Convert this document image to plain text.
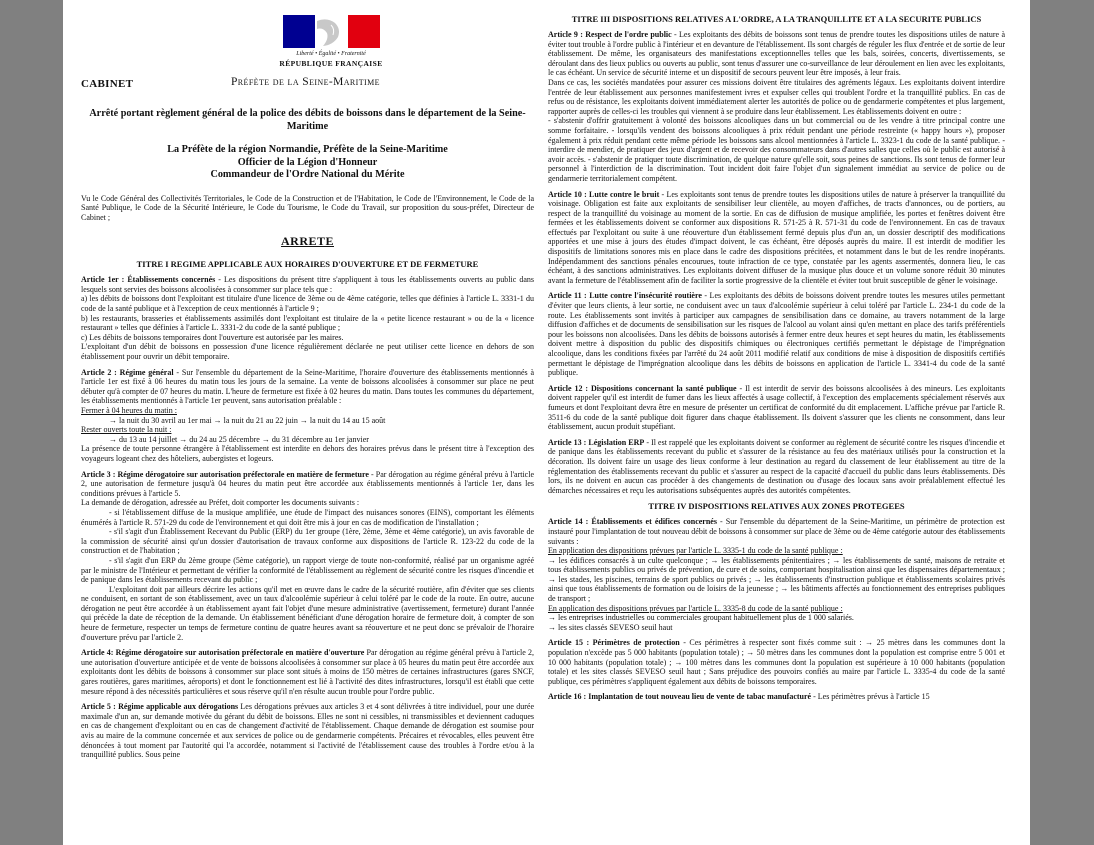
Liberté • Égalité • Fraternité
RÉPUBLIQUE FRANÇAISE
CABINET	Préfète de la Seine-Maritime
Arrêté portant règlement général de la police des débits de boissons dans le département de la Seine-Maritime
La Préfète de la région Normandie, Préfète de la Seine-Maritime
Officier de la Légion d'Honneur
Commandeur de l'Ordre National du Mérite

Vu le Code Général des Collectivités Territoriales, le Code de la Construction et de l'Habitation, le Code de l'Environnement, le Code de la Santé Publique, le Code de la Sécurité Intérieure, le Code du Tourisme, le Code du Travail, sur proposition du sous-préfet, Directeur de Cabinet ;

ARRETE
TITRE I REGIME APPLICABLE AUX HORAIRES D'OUVERTURE ET DE FERMETURE

Article 1er : Établissements concernés - Les dispositions du présent titre s'appliquent à tous les établissements ouverts au public dans lesquels sont servies des boissons alcoolisées à consommer sur place tels que :
a) les débits de boissons dont l'exploitant est titulaire d'une licence de 3ème ou de 4ème catégorie, telles que définies à l'article L. 3331-1 du code de la santé publique et à l'exception de ceux mentionnés à l'article 9 ;
b) les restaurants, brasseries et établissements assimilés dont l'exploitant est titulaire de la « petite licence restaurant » ou de la « licence restaurant » telles que définies à l'article L. 3331-2 du code de la santé publique ;
c) Les débits de boissons temporaires dont l'ouverture est autorisée par les maires.
L'exploitant d'un débit de boissons en possession d'une licence régulièrement déclarée ne peut utiliser cette licence en dehors de son établissement pour ouvrir un débit temporaire.

Article 2 : Régime général - Sur l'ensemble du département de la Seine-Maritime, l'horaire d'ouverture des établissements mentionnés à l'article 1er est fixé à 06 heures du matin tous les jours de la semaine. La vente de boissons alcoolisées à consommer sur place ne peut débuter qu'à compter de 07 heures du matin. L'heure de fermeture est fixée à 02 heures du matin. Dans toutes les communes du département, les établissements mentionnés à l'article 1er peuvent, sans autorisation préalable :
Fermer à 04 heures du matin :
→ la nuit du 30 avril au 1er mai → la nuit du 21 au 22 juin → la nuit du 14 au 15 août
Rester ouverts toute la nuit :
→ du 13 au 14 juillet → du 24 au 25 décembre → du 31 décembre au 1er janvier
La présence de toute personne étrangère à l'établissement est interdite en dehors des horaires prévus dans le présent titre à l'exception des voyageurs logeant chez des hôteliers, aubergistes et logeurs.

Article 3 : Régime dérogatoire sur autorisation préfectorale en matière de fermeture - Par dérogation au régime général prévu à l'article 2, une autorisation de fermeture jusqu'à 04 heures du matin peut être accordée aux établissements mentionnés à l'article 1er, dans les conditions prévues à l'article 5.
La demande de dérogation, adressée au Préfet, doit comporter les documents suivants :
- si l'établissement diffuse de la musique amplifiée, une étude de l'impact des nuisances sonores (EINS), comportant les éléments énumérés à l'article R. 571-29 du code de l'environnement et qui doit être mis à jour en cas de modification de l'installation ;
- s'il s'agit d'un Établissement Recevant du Public (ERP) du 1er groupe (1ère, 2ème, 3ème et 4ème catégorie), un avis favorable de la commission de sécurité ainsi qu'un dossier d'autorisation de travaux conforme aux dispositions de l'article R. 123-22 du code de la construction et de l'habitation ;
- s'il s'agit d'un ERP du 2ème groupe (5ème catégorie), un rapport vierge de toute non-conformité, réalisé par un organisme agréé par le ministre de l'Intérieur et permettant de vérifier la conformité de l'établissement au règlement de sécurité contre les risques d'incendie et de panique dans les établissements recevant du public ;
L'exploitant doit par ailleurs décrire les actions qu'il met en œuvre dans le cadre de la sécurité routière, afin d'éviter que ses clients ne conduisent, en sortant de son établissement, avec un taux d'alcoolémie supérieur à celui toléré par le code de la route. En outre, aucune dérogation ne peut être accordée à un établissement ayant fait l'objet d'une mesure administrative (avertissement, fermeture) durant l'année qui précède la date de réception de la demande. Un établissement bénéficiant d'une dérogation horaire de fermeture doit, à compter de son heure de fermeture, respecter un temps de fermeture continu de quatre heures avant sa réouverture et ne peut donc se prévaloir de l'horaire d'ouverture prévu par l'article 2.

Article 4: Régime dérogatoire sur autorisation préfectorale en matière d'ouverture Par dérogation au régime général prévu à l'article 2, une autorisation d'ouverture anticipée et de vente de boissons alcoolisées à consommer sur place à 05 heures du matin peut être accordée aux exploitants dont les débits de boissons à consommer sur place sont situés à moins de 150 mètres de certaines infrastructures (gares SNCF, gares routières, gares maritimes, aéroports) et dont le fonctionnement est lié à l'activité des dites infrastructures, lorsqu'il est établi que cette mesure répond à des nécessités particulières et sous réserve qu'il n'en résulte aucun trouble pour l'ordre public.

Article 5 : Régime applicable aux dérogations Les dérogations prévues aux articles 3 et 4 sont délivrées à titre individuel, pour une durée maximale d'un an, sur demande motivée du gérant du débit de boissons. Elles ne sont ni cessibles, ni transmissibles et deviennent caduques en cas de changement d'exploitant ou en cas de changement d'activité de l'établissement. Chaque demande de dérogation est soumise pour avis au maire de la commune concernée et aux services de police ou de gendarmerie compétents. Précaires et révocables, elles peuvent être dénoncées à tout moment par l'autorité qui l'a accordée, notamment si l'activité de l'établissement cause des troubles à l'ordre et/ou à la tranquillité publics. Sous peine

TITRE III DISPOSITIONS RELATIVES A L'ORDRE, A LA TRANQUILLITE ET A LA SECURITE PUBLICS

Article 9 : Respect de l'ordre public - Les exploitants des débits de boissons sont tenus de prendre toutes les dispositions utiles de nature à éviter tout trouble à l'ordre public à l'intérieur et en devanture de l'établissement. Ils sont chargés de réguler les flux d'entrée et de sortie de leur établissement. De même, les organisateurs des manifestations exceptionnelles telles que les bals, soirées, concerts, divertissements, se déroulant dans des lieux publics ou ouverts au public, sont tenus d'assurer une co-surveillance de leur déroulement en lien avec les exploitants, le cas échéant. Un service de sécurité interne et un dispositif de secours peuvent leur être imposés, à leur frais.
Dans ce cas, les sociétés mandatées pour assurer ces missions doivent être titulaires des agréments légaux. Les exploitants doivent interdire l'entrée de leur établissement aux personnes manifestement ivres et expulser celles qui troublent l'ordre et la tranquillité publics. En cas de refus ou de résistance, les exploitants doivent immédiatement alerter les autorités de police ou de gendarmerie compétentes et plus largement, rapporter auprès de celles-ci les troubles qui viennent à se produire dans leur établissement. Les établissements doivent en outre :
- s'abstenir d'offrir gratuitement à volonté des boissons alcooliques dans un but commercial ou de les vendre à titre principal contre une somme forfaitaire. - lorsqu'ils vendent des boissons alcooliques à prix réduit pendant une période restreinte (« happy hours »), proposer également à prix réduit pendant cette même période les boissons sans alcool mentionnées à l'article L. 3323-1 du code de la santé publique. - interdire de mendier, de pratiquer des jeux d'argent et de recevoir des consommateurs dans d'autres salles que celles où le public est autorisé à avoir accès. - s'abstenir de pratiquer toute discrimination, de quelque nature qu'elle soit, sous peines de sanctions. Ils sont tenus de former leur personnel à l'interdiction de la discrimination. Tout incident doit faire l'objet d'un signalement immédiat au service de police ou de gendarmerie territorialement compétent.

Article 10 : Lutte contre le bruit - Les exploitants sont tenus de prendre toutes les dispositions utiles de nature à préserver la tranquillité du voisinage. Obligation est faite aux exploitants de sensibiliser leur clientèle, au moyen d'affiches, de tracts d'annonces, ou de portiers, au respect de la tranquillité du voisinage au moment de la sortie. En cas de diffusion de musique amplifiée, les portes et fenêtres doivent être fermées et les établissements doivent se conformer aux dispositions R. 571-25 à R. 571-31 du code de l'environnement. En cas de travaux effectués par l'exploitant ou suite à une réouverture d'un établissement fermé depuis plus d'un an, un dossier descriptif des modifications apportées et une mise à jours des études d'impact doivent, le cas échéant, être déposés auprès du maire. Il est interdit de modifier les dispositifs de limitations sonores mis en place dans le cadre des dispositions précitées, et notamment dans le but de les rendre inopérants. Indépendamment des sanctions pénales encourues, toute infraction de ce type, constatée par les agents assermentés, donnera lieu, le cas échéant, à des sanctions administratives. Les exploitants doivent diffuser de la musique plus douce et un volume sonore réduit 30 minutes avant la fermeture de l'établissement afin de faciliter la sortie progressive de la clientèle et éviter tout bruit susceptible de gêner le voisinage.

Article 11 : Lutte contre l'insécurité routière - Les exploitants des débits de boissons doivent prendre toutes les mesures utiles permettant d'éviter que leurs clients, à leur sortie, ne conduisent avec un taux d'alcoolémie supérieur à celui toléré par l'article L. 234-1 du code de la route. Les établissements sont invités à participer aux campagnes de sensibilisation dans ce domaine, au travers notamment de la large diffusion d'affiches et de documents de sensibilisation sur les risques de l'alcool au volant ainsi qu'en mettant en place des tarifs préférentiels pour les boissons non alcoolisées. Dans les débits de boissons autorisés à fermer entre deux heures et sept heures du matin, les établissements doivent mettre à disposition du public des dispositifs chimiques ou électroniques certifiés permettant le dépistage de l'imprégnation alcoolique, dans les conditions fixées par l'arrêté du 24 août 2011 modifié relatif aux conditions de mise à disposition de dispositifs certifiés permettant le dépistage de l'imprégnation alcoolique dans les débits de boissons en application de l'article L. 3341-4 du code de la santé publique.

Article 12 : Dispositions concernant la santé publique - Il est interdit de servir des boissons alcoolisées à des mineurs. Les exploitants doivent rappeler qu'il est interdit de fumer dans les lieux affectés à usage collectif, à l'exception des emplacements spécialement réservés aux fumeurs et dont l'exploitant devra être en mesure de présenter un certificat de conformité du dit emplacement. L'affiche prévue par l'article R. 3511-6 du code de la santé publique doit figurer dans chaque établissement. Ils doivent s'assurer que les clients ne consomment, dans leur établissement, aucun produit stupéfiant.

Article 13 : Législation ERP - Il est rappelé que les exploitants doivent se conformer au règlement de sécurité contre les risques d'incendie et de panique dans les établissements recevant du public et s'assurer de la résistance au feu des matériaux utilisés pour la construction et la décoration. Ils doivent faire un usage des lieux conforme à leur destination au regard du classement de leur établissement au titre de la réglementation des établissements recevant du public et s'assurer au respect de la capacité d'accueil du public dans leurs établissements. Dès lors, ils ne doivent en aucun cas procéder à des changements de destination ou d'usage des locaux sans avoir préalablement effectué les démarches nécessaires et reçu les autorisations subséquentes auprès des autorités compétentes.

TITRE IV DISPOSITIONS RELATIVES AUX ZONES PROTEGEES

Article 14 : Établissements et édifices concernés - Sur l'ensemble du département de la Seine-Maritime, un périmètre de protection est instauré pour l'implantation de tout nouveau débit de boissons à consommer sur place de 3ème ou de 4ème catégorie autour des établissements suivants :
En application des dispositions prévues par l'article L. 3335-1 du code de la santé publique :
→ les édifices consacrés à un culte quelconque ; → les établissements pénitentiaires ; → les établissements de santé, maisons de retraite et tous établissements publics ou privés de prévention, de cure et de soins, comportant hospitalisation ainsi que les dispensaires départementaux ; → les stades, les piscines, terrains de sport publics ou privés ; → les établissements d'instruction publique et établissements scolaires privés ainsi que tous établissements de formation ou de loisirs de la jeunesse ; → les bâtiments affectés au fonctionnement des entreprises publiques de transport ;
En application des dispositions prévues par l'article L. 3335-8 du code de la santé publique :
→ les entreprises industrielles ou commerciales groupant habituellement plus de 1 000 salariés.
→ les sites classés SEVESO seuil haut

Article 15 : Périmètres de protection - Ces périmètres à respecter sont fixés comme suit : → 25 mètres dans les communes dont la population n'excède pas 5 000 habitants (population totale) ; → 50 mètres dans les communes dont la population est comprise entre 5 001 et 10 000 habitants (population totale) ; → 100 mètres dans les communes dont la population est supérieure à 10 000 habitants (population totale) et les sites classés SEVESO seuil haut ; Sans préjudice des pouvoirs confiés au maire par l'article L. 3335-4 du code de la santé publique, ces périmètres s'appliquent également aux débits de boissons temporaires.

Article 16 : Implantation de tout nouveau lieu de vente de tabac manufacturé - Les périmètres prévus à l'article 15
